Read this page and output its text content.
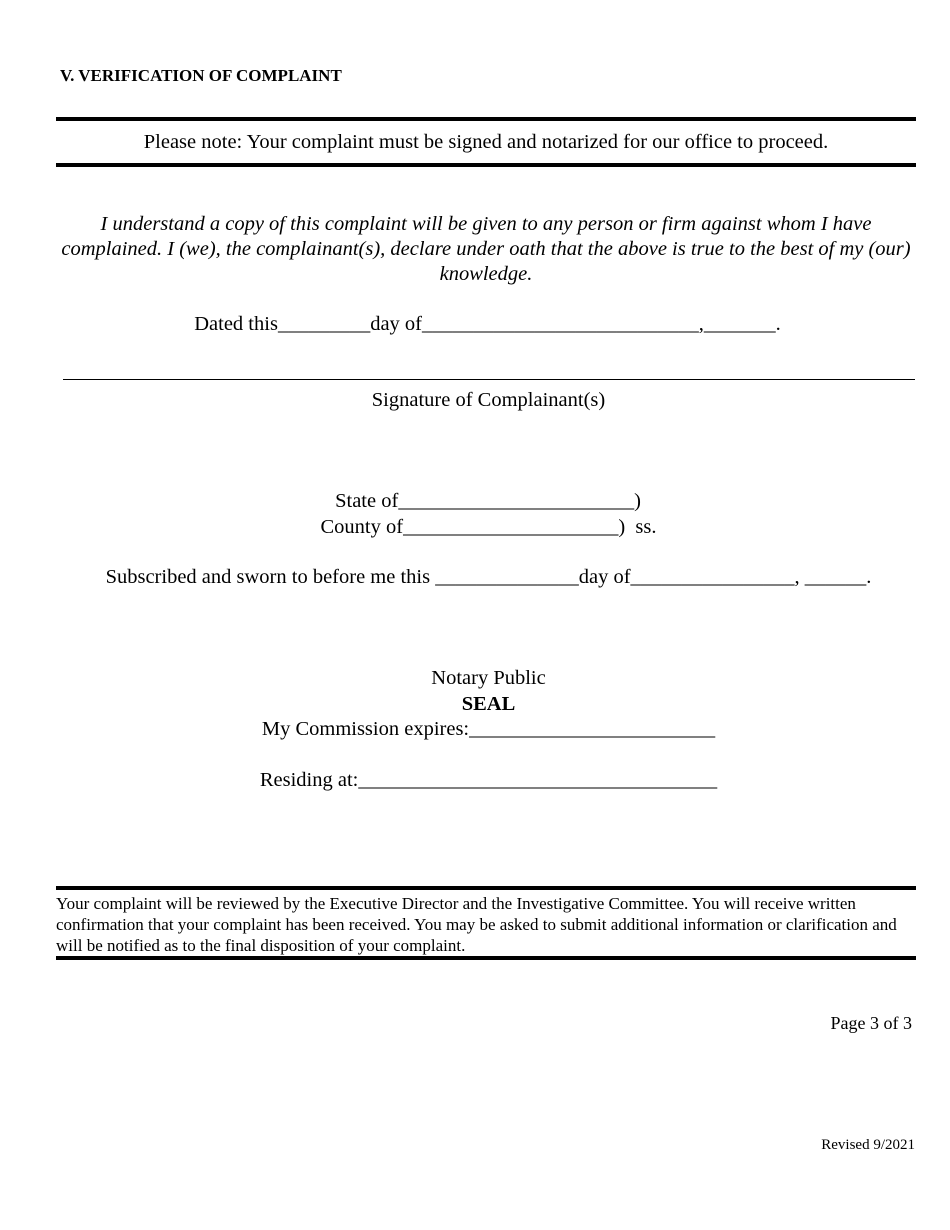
V. VERIFICATION OF COMPLAINT
Please note: Your complaint must be signed and notarized for our office to proceed.
I understand a copy of this complaint will be given to any person or firm against whom I have complained. I (we), the complainant(s), declare under oath that the above is true to the best of my (our) knowledge.
Dated this_________day of___________________________,_______.
Signature of Complainant(s)
State of_______________________)
County of_____________________)  ss.
Subscribed and sworn to before me this ______________day of________________, ______.
Notary Public
SEAL
My Commission expires:________________________
Residing at:___________________________________
Your complaint will be reviewed by the Executive Director and the Investigative Committee. You will receive written confirmation that your complaint has been received. You may be asked to submit additional information or clarification and will be notified as to the final disposition of your complaint.
Page 3 of 3
Revised 9/2021
